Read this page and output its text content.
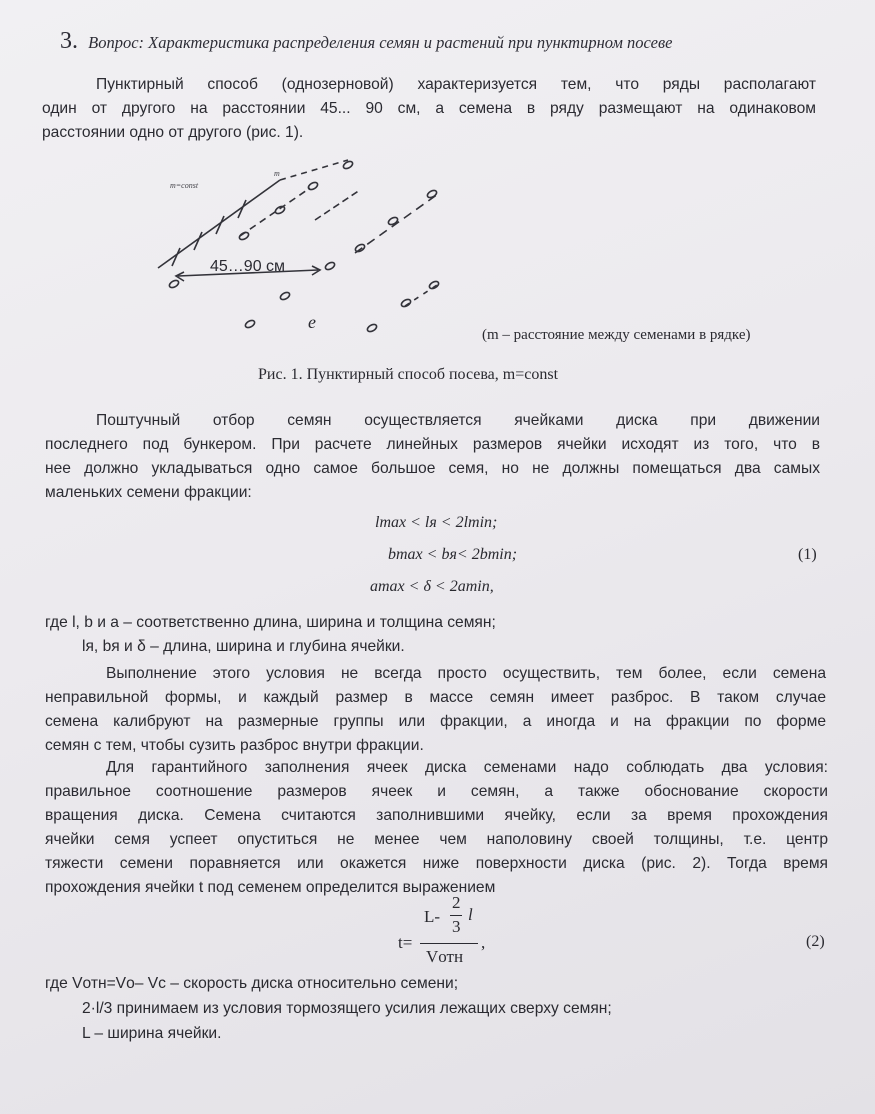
3. Вопрос: Характеристика распределения семян и растений при пунктирном посеве
Пунктирный способ (однозерновой) характеризуется тем, что ряды располагают
один от другого на расстоянии 45... 90 см, а семена в ряду размещают на одинаковом
расстоянии одно от другого (рис. 1).
m=const
m
45…90 см
e
(m – расстояние между семенами в рядке)
Рис. 1. Пунктирный способ посева, m=const
Поштучный отбор семян осуществляется ячейками диска при движении
последнего под бункером. При расчете линейных размеров ячейки исходят из того, что в
нее должно укладываться одно самое большое семя, но не должны помещаться два самых
маленьких семени фракции:
lmax < lя < 2lmin;
bmax < bя< 2bmin;
amax < δ < 2amin,
(1)
где l, b и a – соответственно длина, ширина и толщина семян;
lя, bя и δ – длина, ширина и глубина ячейки.
Выполнение этого условия не всегда просто осуществить, тем более, если семена
неправильной формы, и каждый размер в массе семян имеет разброс. В таком случае
семена калибруют на размерные группы или фракции, а иногда и на фракции по форме
семян с тем, чтобы сузить разброс внутри фракции.
Для гарантийного заполнения ячеек диска семенами надо соблюдать два условия:
правильное соотношение размеров ячеек и семян, а также обоснование скорости
вращения диска. Семена считаются заполнившими ячейку, если за время прохождения
ячейки семя успеет опуститься не менее чем наполовину своей толщины, т.е. центр
тяжести семени поравняется или окажется ниже поверхности диска (рис. 2). Тогда время
прохождения ячейки t под семенем определится выражением
t=
L-
2
3
l
Vотн
,	(2)
где Vотн=Vо– Vс – скорость диска относительно семени;
2·l/3 принимаем из условия тормозящего усилия лежащих сверху семян;
L – ширина ячейки.
